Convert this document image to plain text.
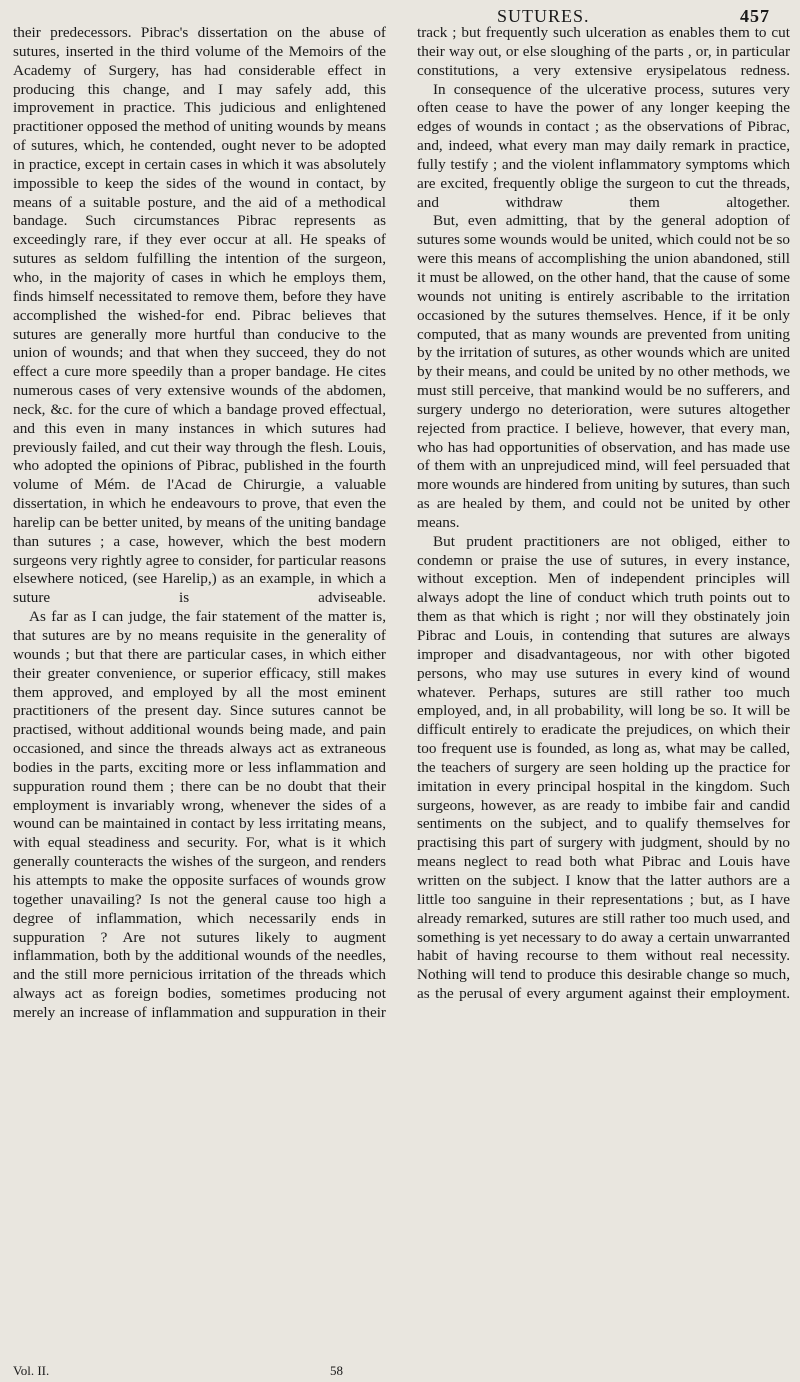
SUTURES.	457

their predecessors. Pibrac's dissertation on the abuse of sutures, inserted in the third volume of the Memoirs of the Academy of Surgery, has had considerable effect in producing this change, and I may safely add, this improvement in practice. This judicious and enlightened practitioner opposed the method of uniting wounds by means of sutures, which, he contended, ought never to be adopted in practice, except in certain cases in which it was absolutely impossible to keep the sides of the wound in contact, by means of a suitable posture, and the aid of a methodical bandage. Such circumstances Pibrac represents as exceedingly rare, if they ever occur at all. He speaks of sutures as seldom fulfilling the intention of the surgeon, who, in the majority of cases in which he employs them, finds himself necessitated to remove them, before they have accomplished the wished-for end. Pibrac believes that sutures are generally more hurtful than conducive to the union of wounds; and that when they succeed, they do not effect a cure more speedily than a proper bandage. He cites numerous cases of very extensive wounds of the abdomen, neck, &c. for the cure of which a bandage proved effectual, and this even in many instances in which sutures had previously failed, and cut their way through the flesh. Louis, who adopted the opinions of Pibrac, published in the fourth volume of Mém. de l'Acad de Chirurgie, a valuable dissertation, in which he endeavours to prove, that even the harelip can be better united, by means of the uniting bandage than sutures ; a case, however, which the best modern surgeons very rightly agree to consider, for particular reasons elsewhere noticed, (see Harelip,) as an example, in which a suture is adviseable.

As far as I can judge, the fair statement of the matter is, that sutures are by no means requisite in the generality of wounds ; but that there are particular cases, in which either their greater convenience, or superior efficacy, still makes them approved, and employed by all the most eminent practitioners of the present day. Since sutures cannot be practised, without additional wounds being made, and pain occasioned, and since the threads always act as extraneous bodies in the parts, exciting more or less inflammation and suppuration round them ; there can be no doubt that their employment is invariably wrong, whenever the sides of a wound can be maintained in contact by less irritating means, with equal steadiness and security. For, what is it which generally counteracts the wishes of the surgeon, and renders his attempts to make the opposite surfaces of wounds grow together unavailing? Is not the general cause too high a degree of inflammation, which necessarily ends in suppuration ? Are not sutures likely to augment inflammation, both by the additional wounds of the needles, and the still more pernicious irritation of the threads which always act as foreign bodies, sometimes producing not merely an increase of inflammation and suppuration in their

track ; but frequently such ulceration as enables them to cut their way out, or else sloughing of the parts , or, in particular constitutions, a very extensive erysipelatous redness.

In consequence of the ulcerative process, sutures very often cease to have the power of any longer keeping the edges of wounds in contact ; as the observations of Pibrac, and, indeed, what every man may daily remark in practice, fully testify ; and the violent inflammatory symptoms which are excited, frequently oblige the surgeon to cut the threads, and withdraw them altogether.

But, even admitting, that by the general adoption of sutures some wounds would be united, which could not be so were this means of accomplishing the union abandoned, still it must be allowed, on the other hand, that the cause of some wounds not uniting is entirely ascribable to the irritation occasioned by the sutures themselves. Hence, if it be only computed, that as many wounds are prevented from uniting by the irritation of sutures, as other wounds which are united by their means, and could be united by no other methods, we must still perceive, that mankind would be no sufferers, and surgery undergo no deterioration, were sutures altogether rejected from practice. I believe, however, that every man, who has had opportunities of observation, and has made use of them with an unprejudiced mind, will feel persuaded that more wounds are hindered from uniting by sutures, than such as are healed by them, and could not be united by other means.

But prudent practitioners are not obliged, either to condemn or praise the use of sutures, in every instance, without exception. Men of independent principles will always adopt the line of conduct which truth points out to them as that which is right ; nor will they obstinately join Pibrac and Louis, in contending that sutures are always improper and disadvantageous, nor with other bigoted persons, who may use sutures in every kind of wound whatever. Perhaps, sutures are still rather too much employed, and, in all probability, will long be so. It will be difficult entirely to eradicate the prejudices, on which their too frequent use is founded, as long as, what may be called, the teachers of surgery are seen holding up the practice for imitation in every principal hospital in the kingdom. Such surgeons, however, as are ready to imbibe fair and candid sentiments on the subject, and to qualify themselves for practising this part of surgery with judgment, should by no means neglect to read both what Pibrac and Louis have written on the subject. I know that the latter authors are a little too sanguine in their representations ; but, as I have already remarked, sutures are still rather too much used, and something is yet necessary to do away a certain unwarranted habit of having recourse to them without real necessity. Nothing will tend to produce this desirable change so much, as the perusal of every argument against their employment.

Vol. II.	58
